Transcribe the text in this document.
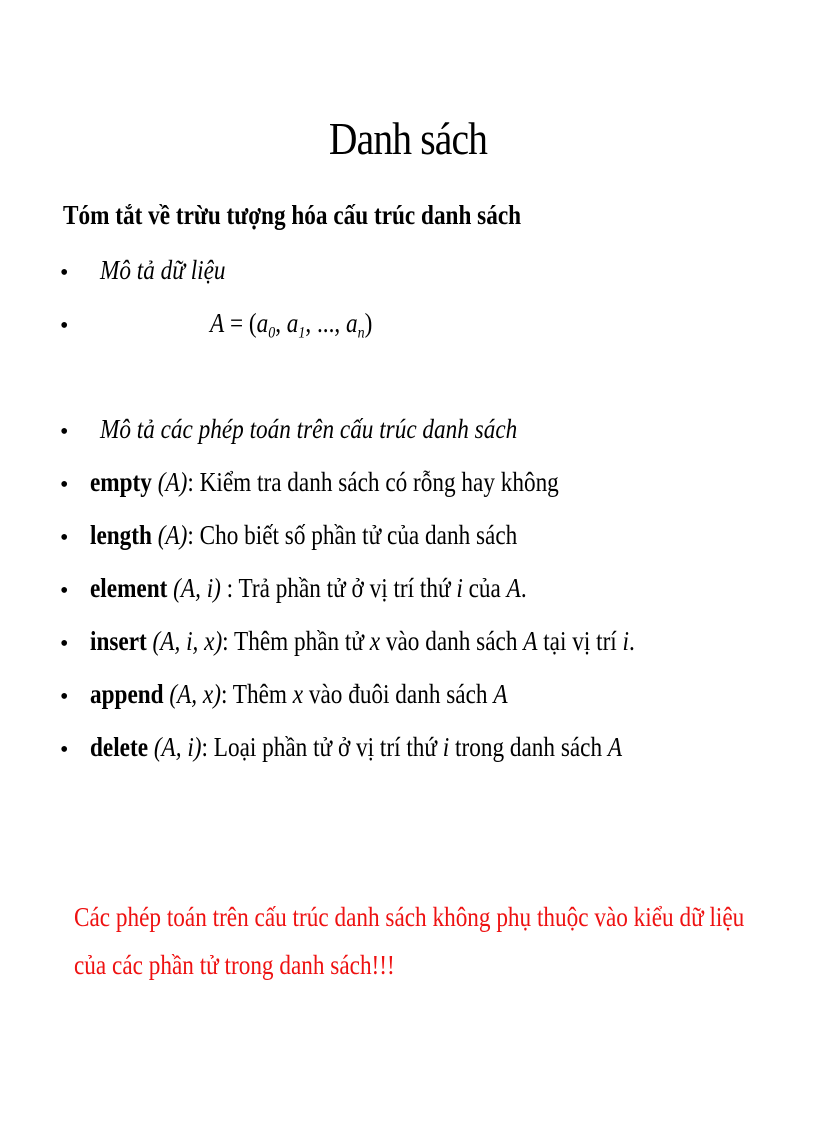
Danh sách
Tóm tắt về trừu tượng hóa cấu trúc danh sách
• Mô tả dữ liệu
•	$A = (a_0$, $a_1$, ..., $a_n$)
• Mô tả các phép toán trên cấu trúc danh sách
• empty (A): Kiểm tra danh sách có rỗng hay không
• length (A): Cho biết số phần tử của danh sách
• element (A, i) : Trả phần tử ở vị trí thứ i của A.
• insert (A, i, x): Thêm phần tử x vào danh sách A tại vị trí i.
• append (A, x): Thêm x vào đuôi danh sách A
• delete (A, i): Loại phần tử ở vị trí thứ i trong danh sách A
Các phép toán trên cấu trúc danh sách không phụ thuộc vào kiểu dữ liệu của các phần tử trong danh sách!!!
